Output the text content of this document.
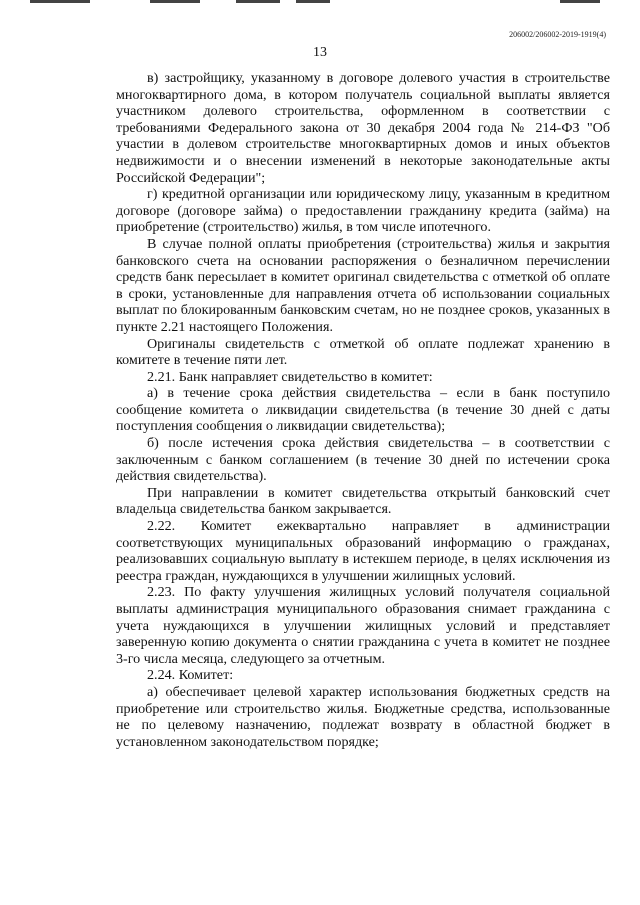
206002/206002-2019-1919(4)
13

в) застройщику, указанному в договоре долевого участия в строительстве многоквартирного дома, в котором получатель социальной выплаты является участником долевого строительства, оформленном в соответствии с требованиями Федерального закона от 30 декабря 2004 года № 214-ФЗ "Об участии в долевом строительстве многоквартирных домов и иных объектов недвижимости и о внесении изменений в некоторые законодательные акты Российской Федерации";

г) кредитной организации или юридическому лицу, указанным в кредитном договоре (договоре займа) о предоставлении гражданину кредита (займа) на приобретение (строительство) жилья, в том числе ипотечного.

В случае полной оплаты приобретения (строительства) жилья и закрытия банковского счета на основании распоряжения о безналичном перечислении средств банк пересылает в комитет оригинал свидетельства с отметкой об оплате в сроки, установленные для направления отчета об использовании социальных выплат по блокированным банковским счетам, но не позднее сроков, указанных в пункте 2.21 настоящего Положения.

Оригиналы свидетельств с отметкой об оплате подлежат хранению в комитете в течение пяти лет.

2.21. Банк направляет свидетельство в комитет:

а) в течение срока действия свидетельства – если в банк поступило сообщение комитета о ликвидации свидетельства (в течение 30 дней с даты поступления сообщения о ликвидации свидетельства);

б) после истечения срока действия свидетельства – в соответствии с заключенным с банком соглашением (в течение 30 дней по истечении срока действия свидетельства).

При направлении в комитет свидетельства открытый банковский счет владельца свидетельства банком закрывается.

2.22. Комитет ежеквартально направляет в администрации соответствующих муниципальных образований информацию о гражданах, реализовавших социальную выплату в истекшем периоде, в целях исключения из реестра граждан, нуждающихся в улучшении жилищных условий.

2.23. По факту улучшения жилищных условий получателя социальной выплаты администрация муниципального образования снимает гражданина с учета нуждающихся в улучшении жилищных условий и представляет заверенную копию документа о снятии гражданина с учета в комитет не позднее 3-го числа месяца, следующего за отчетным.

2.24. Комитет:

а) обеспечивает целевой характер использования бюджетных средств на приобретение или строительство жилья. Бюджетные средства, использованные не по целевому назначению, подлежат возврату в областной бюджет в установленном законодательством порядке;
